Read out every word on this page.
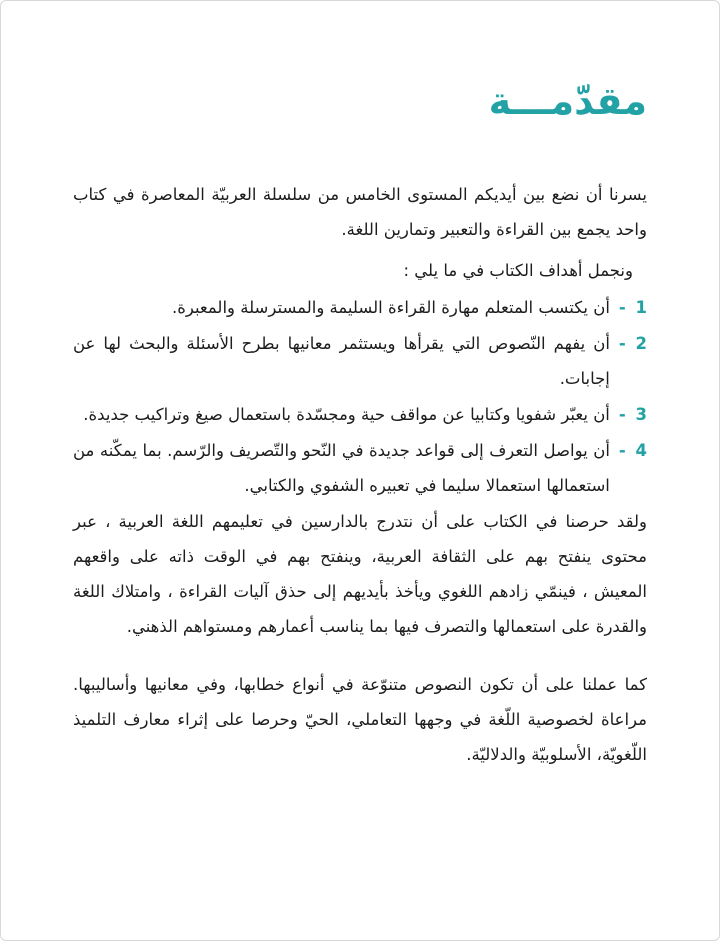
مقدّمـــة

يسرنا أن نضع بين أيديكم المستوى الخامس من سلسلة العربيّة المعاصرة في كتاب واحد يجمع بين القراءة والتعبير وتمارين اللغة.

ونجمل أهداف الكتاب في ما يلي :

1 -
أن يكتسب المتعلم مهارة القراءة السليمة والمسترسلة والمعبرة.
2 -
أن يفهم النّصوص التي يقرأها ويستثمر معانيها بطرح الأسئلة والبحث لها عن إجابات.
3 -
أن يعبّر شفويا وكتابيا عن مواقف حية ومجسّدة باستعمال صيغ وتراكيب جديدة.
4 -
أن يواصل التعرف إلى قواعد جديدة في النّحو والتّصريف والرّسم. بما يمكّنه من استعمالها استعمالا سليما في تعبيره الشفوي والكتابي.

ولقد حرصنا في الكتاب على أن نتدرج بالدارسين في تعليمهم اللغة العربية ، عبر محتوى ينفتح بهم على الثقافة العربية، وينفتح بهم في الوقت ذاته على واقعهم المعيش ، فينمّي زادهم اللغوي ويأخذ بأيديهم إلى حذق آليات القراءة ، وامتلاك اللغة والقدرة على استعمالها والتصرف فيها بما يناسب أعمارهم ومستواهم الذهني.

كما عملنا على أن تكون النصوص متنوّعة في أنواع خطابها، وفي معانيها وأساليبها. مراعاة لخصوصية اللّغة في وجهها التعاملي، الحيّ وحرصا على إثراء معارف التلميذ اللّغويّة، الأسلوبيّة والدلاليّة.
